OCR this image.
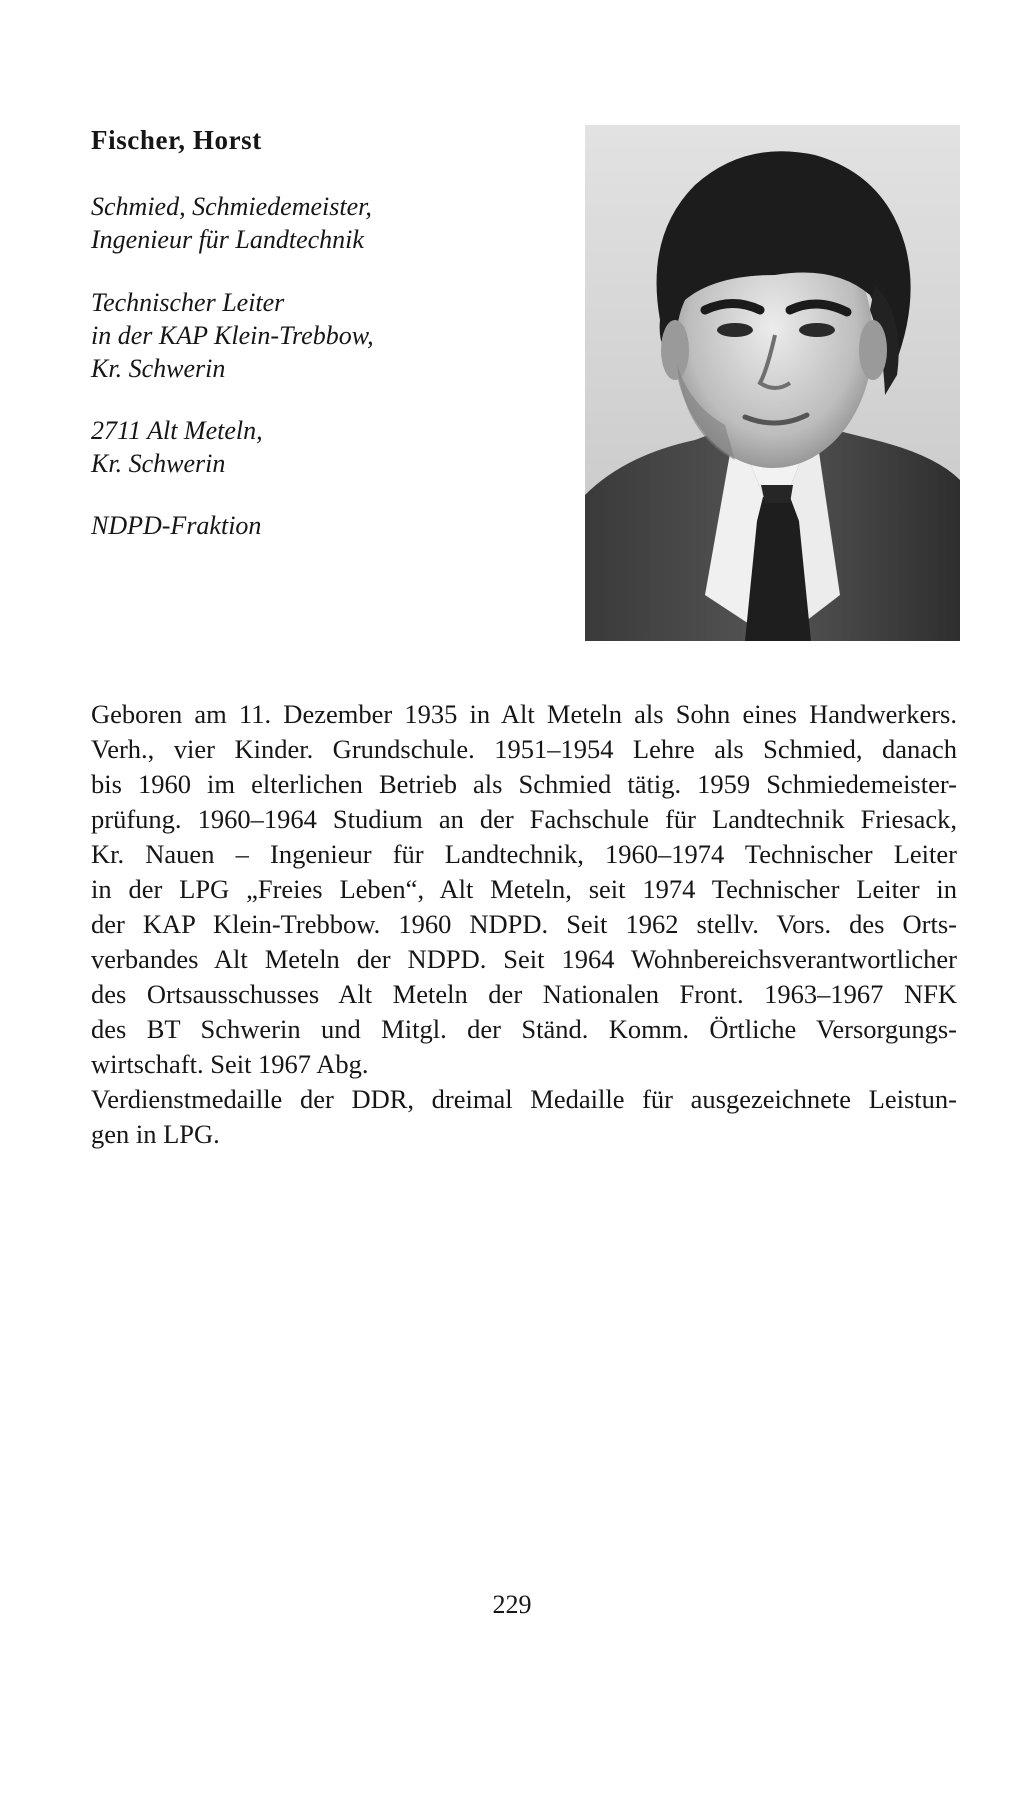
Fischer, Horst

Schmied, Schmiedemeister,
Ingenieur für Landtechnik

Technischer Leiter
in der KAP Klein-Trebbow,
Kr. Schwerin

2711 Alt Meteln,
Kr. Schwerin

NDPD-Fraktion

Geboren am 11. Dezember 1935 in Alt Meteln als Sohn eines Handwerkers.
Verh., vier Kinder. Grundschule. 1951–1954 Lehre als Schmied, danach
bis 1960 im elterlichen Betrieb als Schmied tätig. 1959 Schmiedemeister-
prüfung. 1960–1964 Studium an der Fachschule für Landtechnik Friesack,
Kr. Nauen – Ingenieur für Landtechnik, 1960–1974 Technischer Leiter
in der LPG „Freies Leben“, Alt Meteln, seit 1974 Technischer Leiter in
der KAP Klein-Trebbow. 1960 NDPD. Seit 1962 stellv. Vors. des Orts-
verbandes Alt Meteln der NDPD. Seit 1964 Wohnbereichsverantwortlicher
des Ortsausschusses Alt Meteln der Nationalen Front. 1963–1967 NFK
des BT Schwerin und Mitgl. der Ständ. Komm. Örtliche Versorgungs-
wirtschaft. Seit 1967 Abg.
Verdienstmedaille der DDR, dreimal Medaille für ausgezeichnete Leistun-
gen in LPG.

229
